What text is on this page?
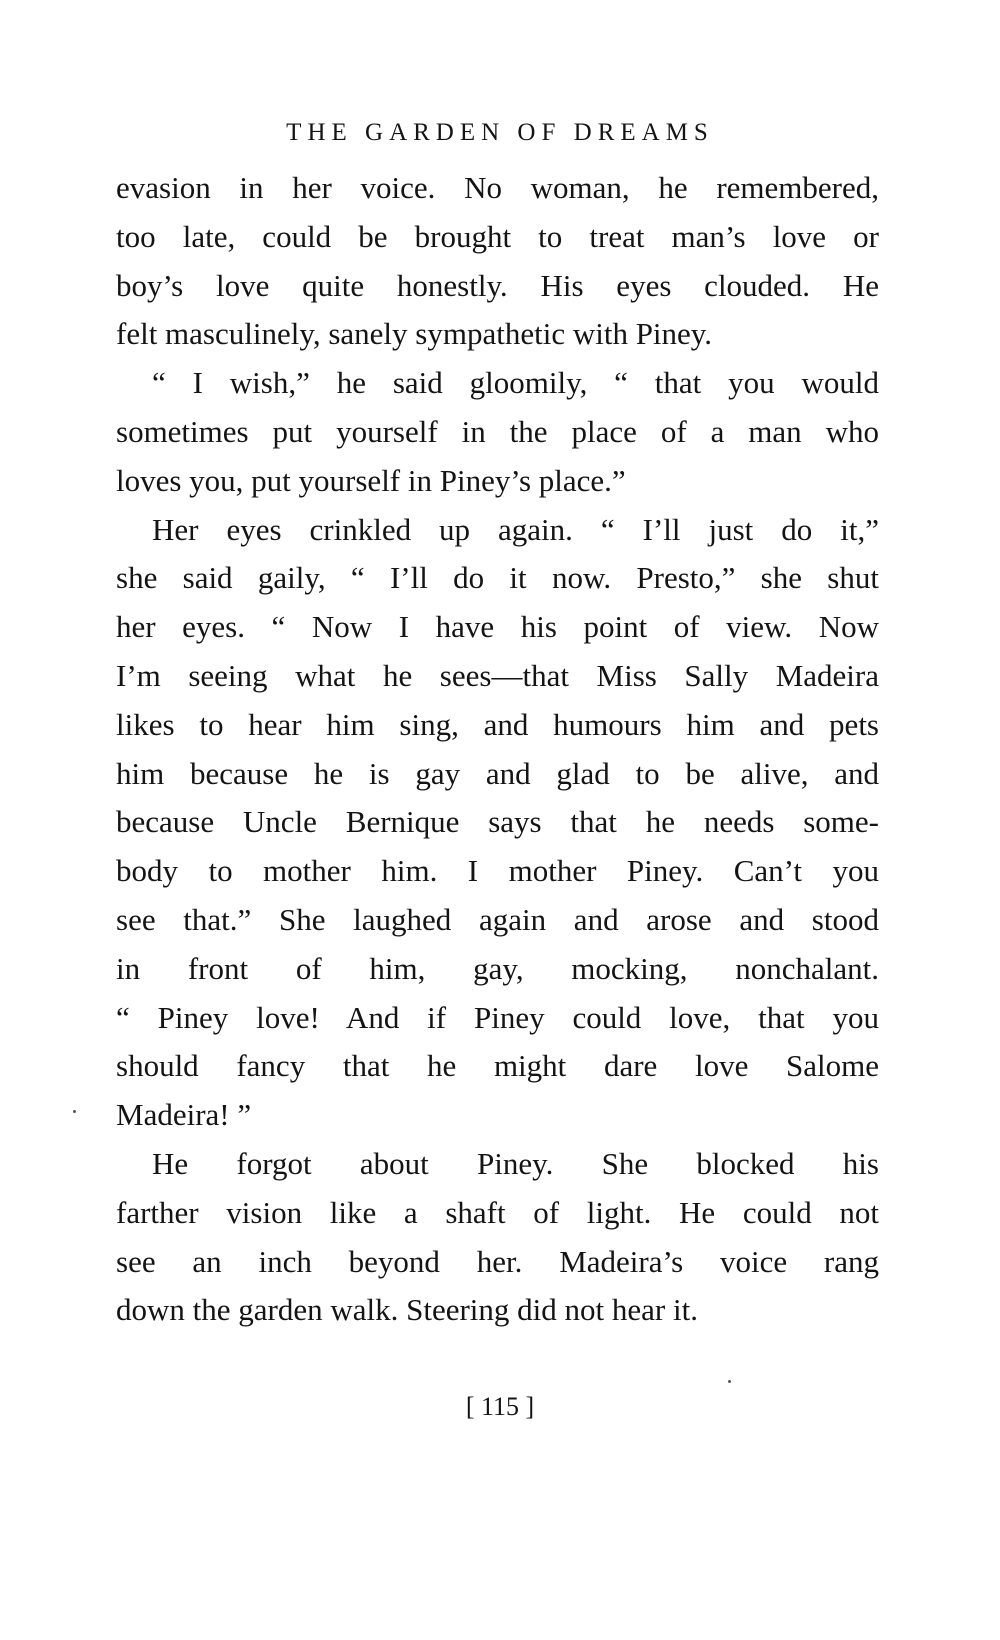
THE GARDEN OF DREAMS
evasion in her voice. No woman, he remembered,
too late, could be brought to treat man’s love or
boy’s love quite honestly. His eyes clouded. He
felt masculinely, sanely sympathetic with Piney.
“ I wish,” he said gloomily, “ that you would
sometimes put yourself in the place of a man who
loves you, put yourself in Piney’s place.”
Her eyes crinkled up again. “ I’ll just do it,”
she said gaily, “ I’ll do it now. Presto,” she shut
her eyes. “ Now I have his point of view. Now
I’m seeing what he sees—that Miss Sally Madeira
likes to hear him sing, and humours him and pets
him because he is gay and glad to be alive, and
because Uncle Bernique says that he needs some-
body to mother him. I mother Piney. Can’t you
see that.” She laughed again and arose and stood
in front of him, gay, mocking, nonchalant.
“ Piney love! And if Piney could love, that you
should fancy that he might dare love Salome
Madeira! ”
He forgot about Piney. She blocked his
farther vision like a shaft of light. He could not
see an inch beyond her. Madeira’s voice rang
down the garden walk. Steering did not hear it.
[ 115 ]
